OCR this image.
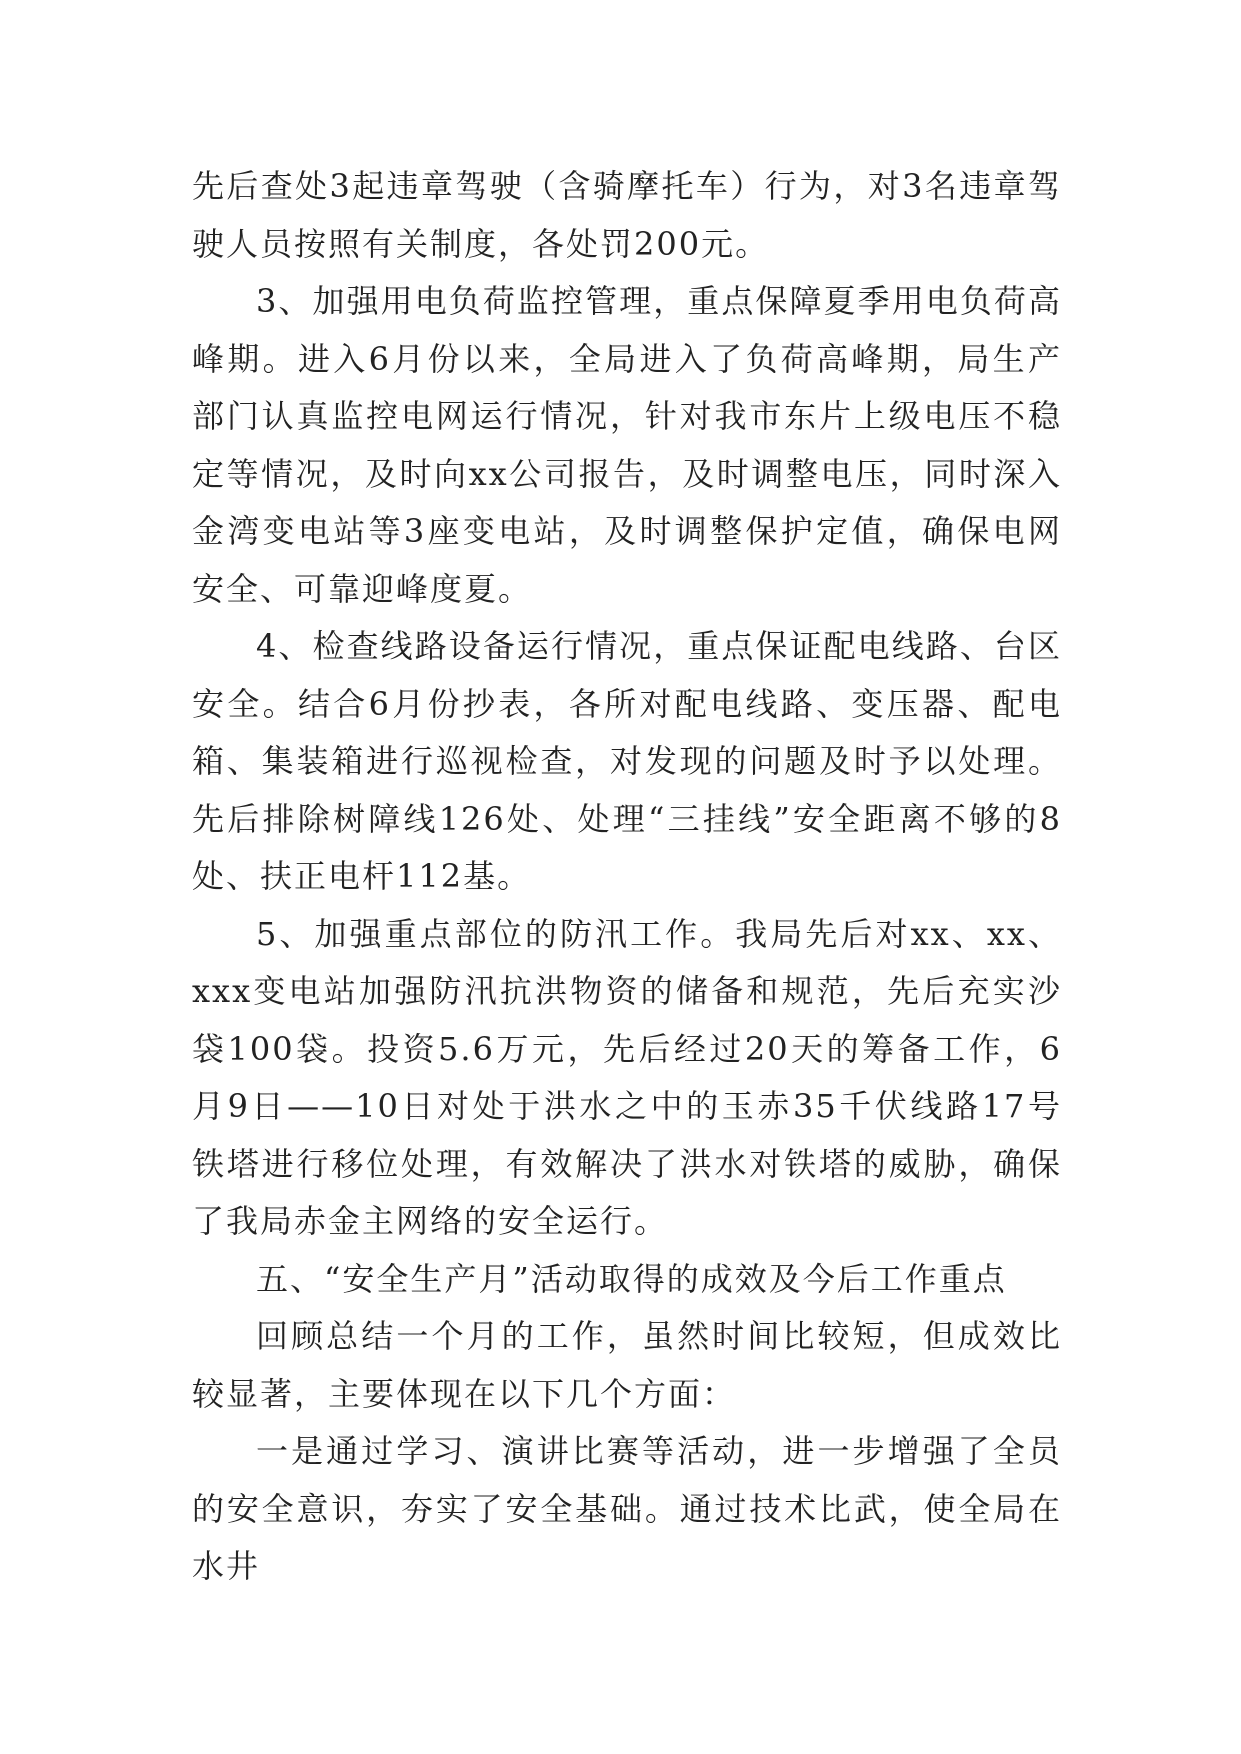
先后查处3起违章驾驶（含骑摩托车）行为，对3名违章驾驶人员按照有关制度，各处罚200元。

3、加强用电负荷监控管理，重点保障夏季用电负荷高峰期。进入6月份以来，全局进入了负荷高峰期，局生产部门认真监控电网运行情况，针对我市东片上级电压不稳定等情况，及时向xx公司报告，及时调整电压，同时深入金湾变电站等3座变电站，及时调整保护定值，确保电网安全、可靠迎峰度夏。

4、检查线路设备运行情况，重点保证配电线路、台区安全。结合6月份抄表，各所对配电线路、变压器、配电箱、集装箱进行巡视检查，对发现的问题及时予以处理。先后排除树障线126处、处理“三挂线”安全距离不够的8处、扶正电杆112基。

5、加强重点部位的防汛工作。我局先后对xx、xx、xxx变电站加强防汛抗洪物资的储备和规范，先后充实沙袋100袋。投资5.6万元，先后经过20天的筹备工作，6月9日——10日对处于洪水之中的玉赤35千伏线路17号铁塔进行移位处理，有效解决了洪水对铁塔的威胁，确保了我局赤金主网络的安全运行。

五、“安全生产月”活动取得的成效及今后工作重点

回顾总结一个月的工作，虽然时间比较短，但成效比较显著，主要体现在以下几个方面：

一是通过学习、演讲比赛等活动，进一步增强了全员的安全意识，夯实了安全基础。通过技术比武，使全局在水井
